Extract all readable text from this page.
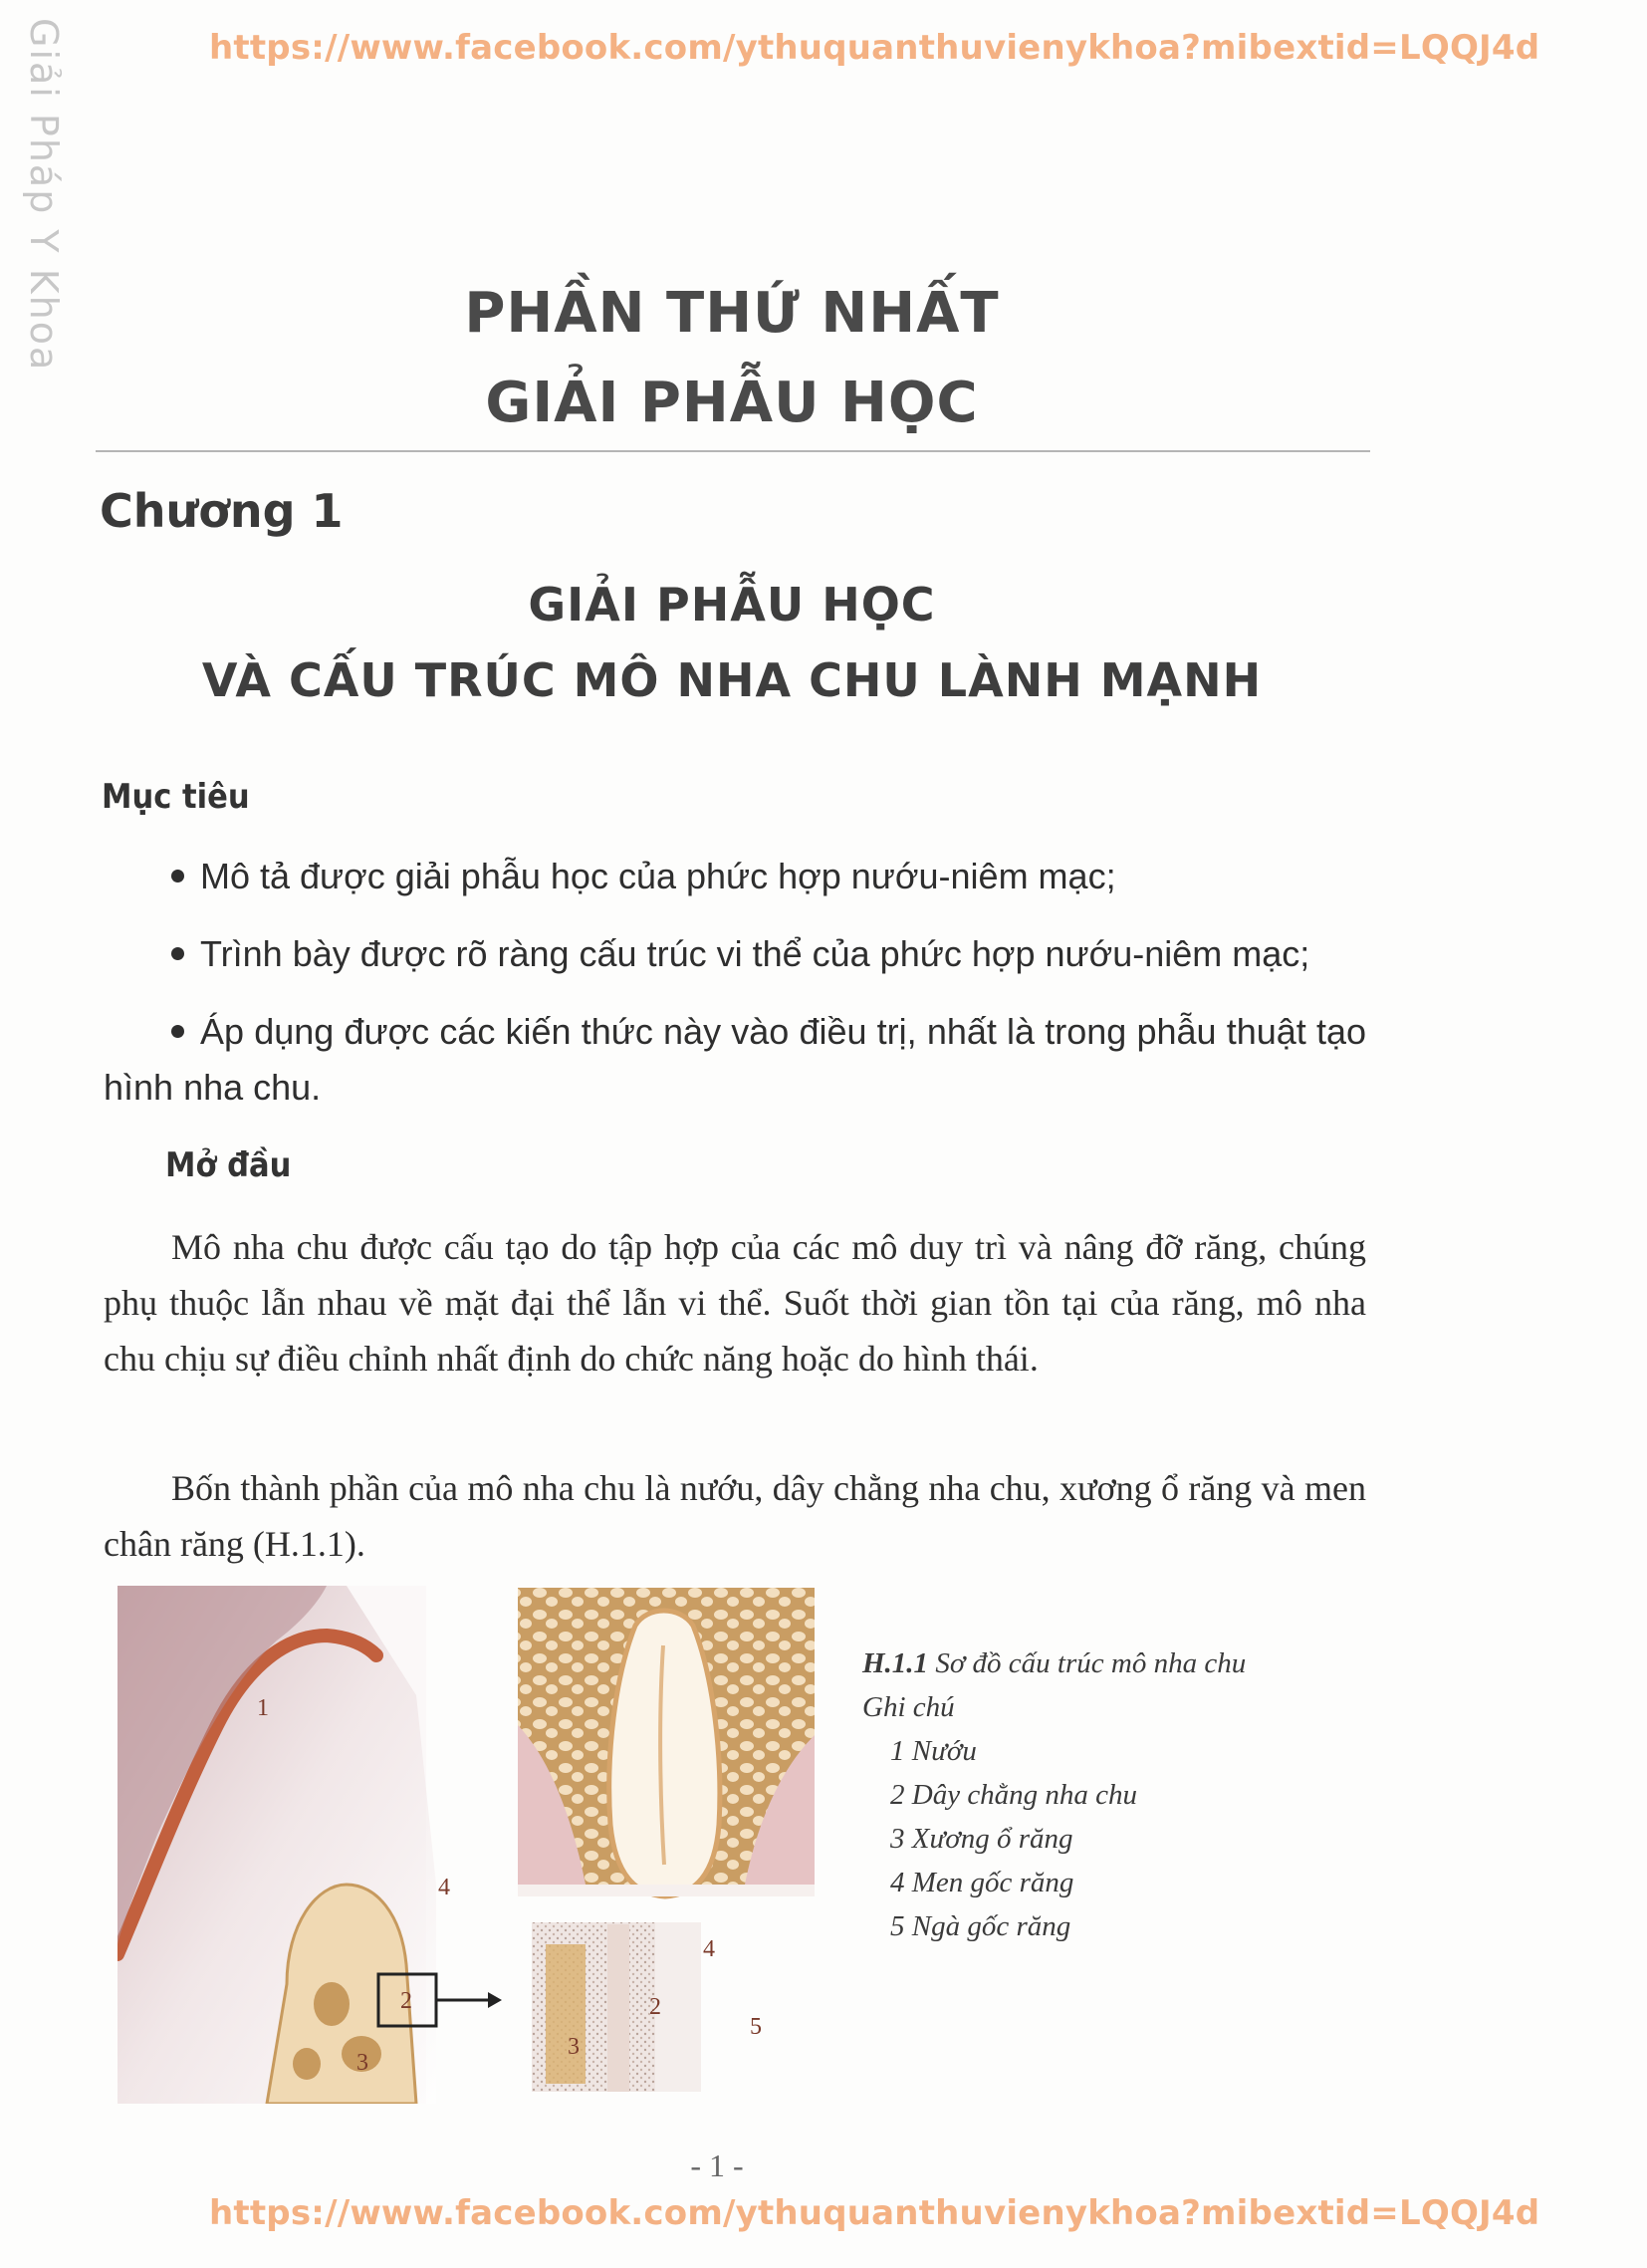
https://www.facebook.com/ythuquanthuvienykhoa?mibextid=LQQJ4d
Giải Pháp Y Khoa	PHẦN THỨ NHẤT
GIẢI PHẪU HỌC
Chương 1
GIẢI PHẪU HỌC
VÀ CẤU TRÚC MÔ NHA CHU LÀNH MẠNH
Mục tiêu
Mô tả được giải phẫu học của phức hợp nướu-niêm mạc;
Trình bày được rõ ràng cấu trúc vi thể của phức hợp nướu-niêm mạc;
Áp dụng được các kiến thức này vào điều trị, nhất là trong phẫu thuật tạo hình nha chu.
Mở đầu

Mô nha chu được cấu tạo do tập hợp của các mô duy trì và nâng đỡ răng, chúng phụ thuộc lẫn nhau về mặt đại thể lẫn vi thể. Suốt thời gian tồn tại của răng, mô nha chu chịu sự điều chỉnh nhất định do chức năng hoặc do hình thái.

Bốn thành phần của mô nha chu là nướu, dây chằng nha chu, xương ổ răng và men chân răng (H.1.1).

1
4
2
3
4
2
3
5
H.1.1 Sơ đồ cấu trúc mô nha chu
Ghi chú
1 Nướu
2 Dây chằng nha chu
3 Xương ổ răng
4 Men gốc răng
5 Ngà gốc răng
- 1 -
https://www.facebook.com/ythuquanthuvienykhoa?mibextid=LQQJ4d
